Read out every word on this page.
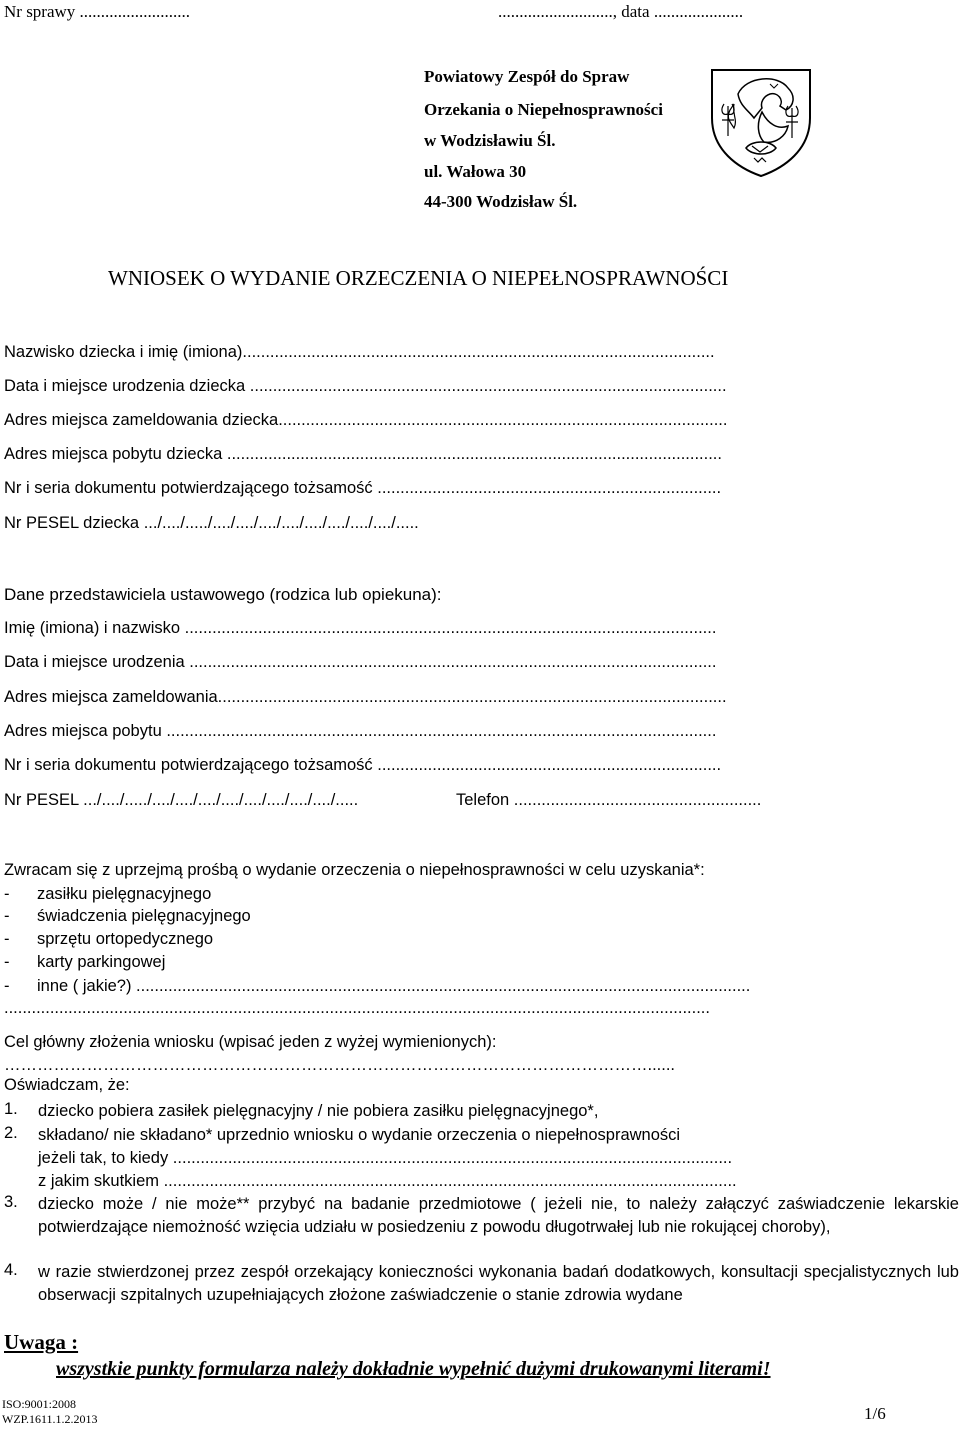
Nr sprawy ..........................	..........................., data .....................
Powiatowy Zespół do Spraw
Orzekania o Niepełnosprawności
w Wodzisławiu Śl.
ul. Wałowa 30
44-300 Wodzisław Śl.
WNIOSEK O WYDANIE ORZECZENIA O NIEPEŁNOSPRAWNOŚCI
Nazwisko dziecka i imię (imiona).......................................................................................................
Data i miejsce urodzenia dziecka ........................................................................................................
Adres miejsca zameldowania dziecka..................................................................................................
Adres miejsca pobytu dziecka ............................................................................................................
Nr i seria dokumentu potwierdzającego tożsamość ...........................................................................
Nr PESEL dziecka .../..../...../..../..../..../..../..../..../..../..../.....
Dane przedstawiciela ustawowego (rodzica lub opiekuna):
Imię (imiona) i nazwisko ....................................................................................................................
Data i miejsce urodzenia ...................................................................................................................
Adres miejsca zameldowania...............................................................................................................
Adres miejsca pobytu ........................................................................................................................
Nr i seria dokumentu potwierdzającego tożsamość ...........................................................................
Nr PESEL .../..../...../..../..../..../..../..../..../..../..../.....	Telefon ......................................................
Zwracam się z uprzejmą prośbą o wydanie orzeczenia o niepełnosprawności w celu uzyskania*:
- zasiłku pielęgnacyjnego
- świadczenia pielęgnacyjnego
- sprzętu ortopedycznego
- karty parkingowej
- inne ( jakie?) ......................................................................................................................................
..........................................................................................................................................................
Cel główny złożenia wniosku (wpisać jeden z wyżej wymienionych):
………………………………………………………………………………………………………......
Oświadczam, że:
1. dziecko pobiera zasiłek pielęgnacyjny / nie pobiera zasiłku pielęgnacyjnego*,
2. składano/ nie składano* uprzednio wniosku o wydanie orzeczenia o niepełnosprawności
jeżeli tak, to kiedy ..........................................................................................................................
z jakim skutkiem .............................................................................................................................
3. dziecko może / nie może** przybyć na badanie przedmiotowe ( jeżeli nie, to należy załączyć zaświadczenie lekarskie potwierdzające niemożność wzięcia udziału w posiedzeniu z powodu długotrwałej lub nie rokującej choroby),
4. w razie stwierdzonej przez zespół orzekający konieczności wykonania badań dodatkowych, konsultacji specjalistycznych lub obserwacji szpitalnych uzupełniających złożone zaświadczenie o stanie zdrowia wydane
Uwaga :
wszystkie punkty formularza należy dokładnie wypełnić dużymi drukowanymi literami!
ISO:9001:2008
WZP.1611.1.2.2013	1/6
